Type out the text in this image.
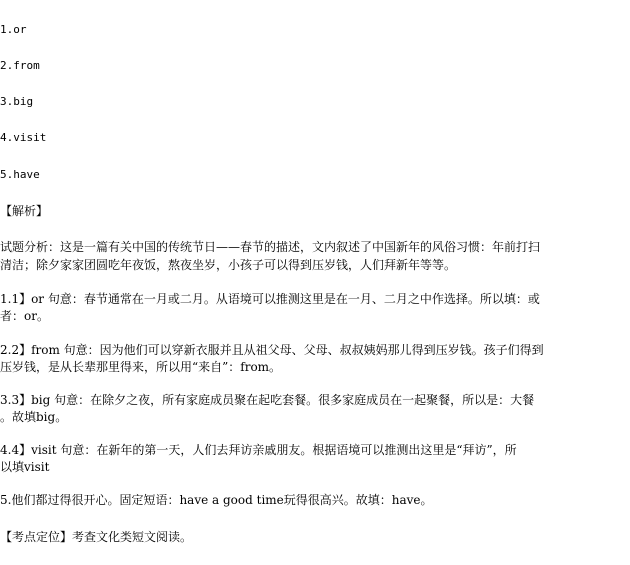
1.or
2.from
3.big
4.visit
5.have
【解析】
试题分析：这是一篇有关中国的传统节日——春节的描述，文内叙述了中国新年的风俗习惯：年前打扫
清洁；除夕家家团圆吃年夜饭，熬夜坐岁，小孩子可以得到压岁钱，人们拜新年等等。
1.1】or 句意：春节通常在一月或二月。从语境可以推测这里是在一月、二月之中作选择。所以填：或
者：or。
2.2】from 句意：因为他们可以穿新衣服并且从祖父母、父母、叔叔姨妈那儿得到压岁钱。孩子们得到
压岁钱，是从长辈那里得来，所以用“来自”：from。
3.3】big 句意：在除夕之夜，所有家庭成员聚在起吃套餐。很多家庭成员在一起聚餐，所以是：大餐
。故填big。
4.4】visit 句意：在新年的第一天，人们去拜访亲戚朋友。根据语境可以推测出这里是“拜访”，所
以填visit
5.他们都过得很开心。固定短语：have a good time玩得很高兴。故填：have。
【考点定位】考查文化类短文阅读。
